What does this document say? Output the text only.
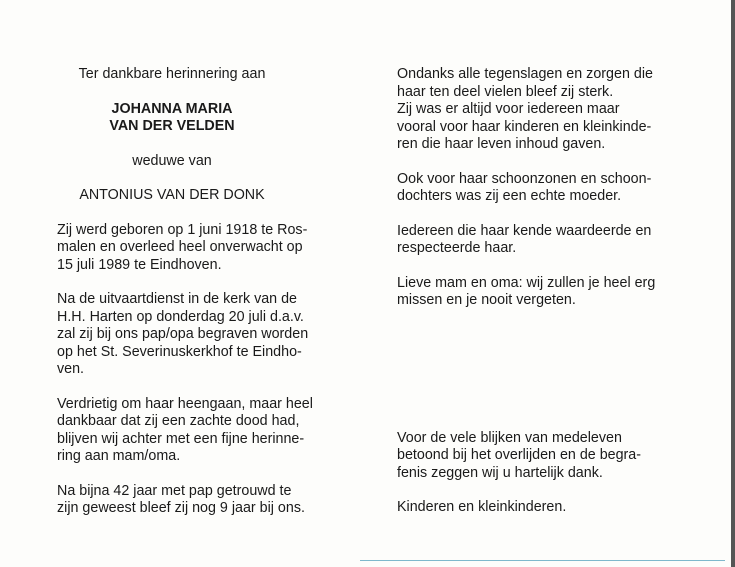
Ter dankbare herinnering aan

JOHANNA MARIA

VAN DER VELDEN

weduwe van

ANTONIUS VAN DER DONK

Zij werd geboren op 1 juni 1918 te Ros-

malen en overleed heel onverwacht op

15 juli 1989 te Eindhoven.

Na de uitvaartdienst in de kerk van de

H.H. Harten op donderdag 20 juli d.a.v.

zal zij bij ons pap/opa begraven worden

op het St. Severinuskerkhof te Eindho-

ven.

Verdrietig om haar heengaan, maar heel

dankbaar dat zij een zachte dood had,

blijven wij achter met een fijne herinne-

ring aan mam/oma.

Na bijna 42 jaar met pap getrouwd te

zijn geweest bleef zij nog 9 jaar bij ons.

Ondanks alle tegenslagen en zorgen die

haar ten deel vielen bleef zij sterk.

Zij was er altijd voor iedereen maar

vooral voor haar kinderen en kleinkinde-

ren die haar leven inhoud gaven.

Ook voor haar schoonzonen en schoon-

dochters was zij een echte moeder.

Iedereen die haar kende waardeerde en

respecteerde haar.

Lieve mam en oma: wij zullen je heel erg

missen en je nooit vergeten.

Voor de vele blijken van medeleven

betoond bij het overlijden en de begra-

fenis zeggen wij u hartelijk dank.

Kinderen en kleinkinderen.
